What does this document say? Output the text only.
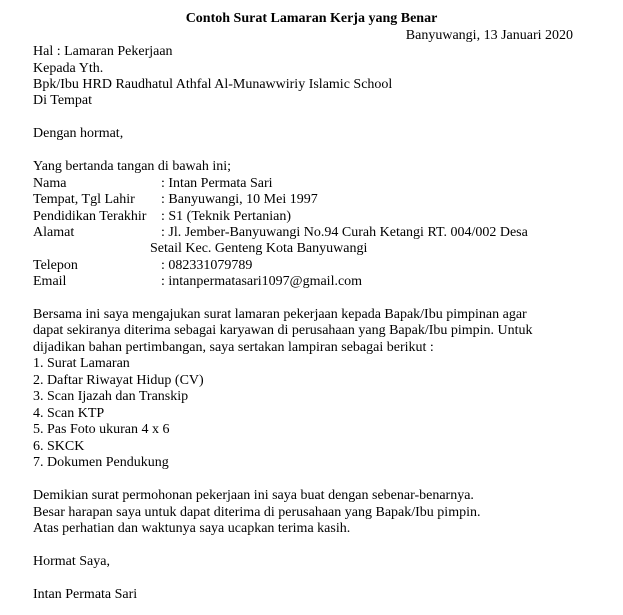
Contoh Surat Lamaran Kerja yang Benar
Banyuwangi, 13 Januari 2020
Hal : Lamaran Pekerjaan
Kepada Yth.
Bpk/Ibu HRD Raudhatul Athfal Al-Munawwiriy Islamic School
Di Tempat
Dengan hormat,
Yang bertanda tangan di bawah ini;
Nama	: Intan Permata Sari
Tempat, Tgl Lahir : Banyuwangi, 10 Mei 1997
Pendidikan Terakhir : S1 (Teknik Pertanian)
Alamat	: Jl. Jember-Banyuwangi No.94 Curah Ketangi RT. 004/002 Desa
Setail Kec. Genteng Kota Banyuwangi
Telepon	: 082331079789
Email	: intanpermatasari1097@gmail.com
Bersama ini saya mengajukan surat lamaran pekerjaan kepada Bapak/Ibu pimpinan agar
dapat sekiranya diterima sebagai karyawan di perusahaan yang Bapak/Ibu pimpin. Untuk
dijadikan bahan pertimbangan, saya sertakan lampiran sebagai berikut :
1. Surat Lamaran
2. Daftar Riwayat Hidup (CV)
3. Scan Ijazah dan Transkip
4. Scan KTP
5. Pas Foto ukuran 4 x 6
6. SKCK
7. Dokumen Pendukung
Demikian surat permohonan pekerjaan ini saya buat dengan sebenar-benarnya.
Besar harapan saya untuk dapat diterima di perusahaan yang Bapak/Ibu pimpin.
Atas perhatian dan waktunya saya ucapkan terima kasih.
Hormat Saya,
Intan Permata Sari
